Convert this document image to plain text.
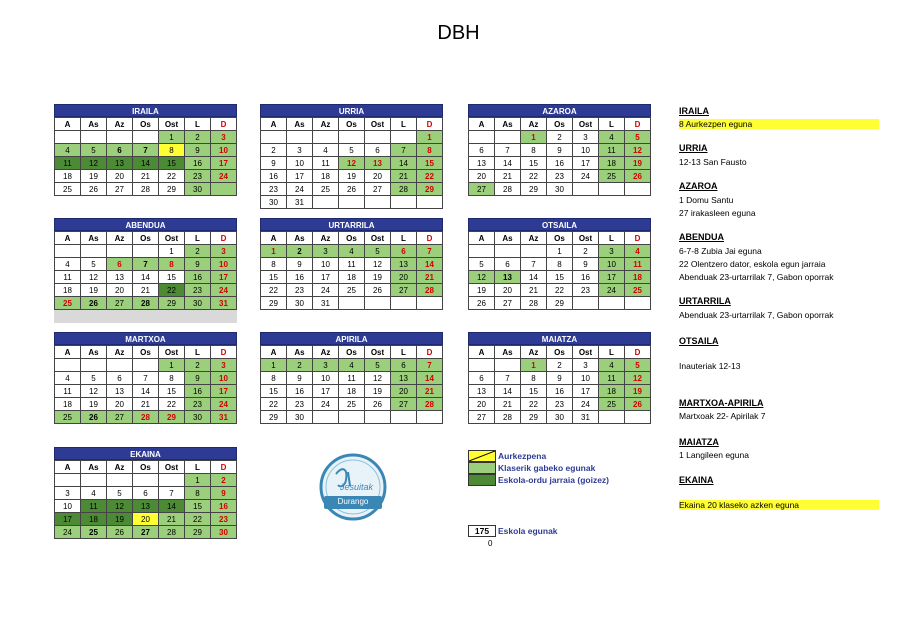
DBH
IRAILA
A	As	Az	Os	Ost	L	D
				1	2	3
4	5	6	7	8	9	10
11	12	13	14	15	16	17
18	19	20	21	22	23	24
25	26	27	28	29	30	
URRIA
A	As	Az	Os	Ost	L	D
						1
2	3	4	5	6	7	8
9	10	11	12	13	14	15
16	17	18	19	20	21	22
23	24	25	26	27	28	29
30	31					
AZAROA
A	As	Az	Os	Ost	L	D
		1	2	3	4	5
6	7	8	9	10	11	12
13	14	15	16	17	18	19
20	21	22	23	24	25	26
27	28	29	30			
ABENDUA
A	As	Az	Os	Ost	L	D
				1	2	3
4	5	6	7	8	9	10
11	12	13	14	15	16	17
18	19	20	21	22	23	24
25	26	27	28	29	30	31

URTARRILA
A	As	Az	Os	Ost	L	D
1	2	3	4	5	6	7
8	9	10	11	12	13	14
15	16	17	18	19	20	21
22	23	24	25	26	27	28
29	30	31				
OTSAILA
A	As	Az	Os	Ost	L	D
			1	2	3	4
5	6	7	8	9	10	11
12	13	14	15	16	17	18
19	20	21	22	23	24	25
26	27	28	29			
MARTXOA
A	As	Az	Os	Ost	L	D
				1	2	3
4	5	6	7	8	9	10
11	12	13	14	15	16	17
18	19	20	21	22	23	24
25	26	27	28	29	30	31
APIRILA
A	As	Az	Os	Ost	L	D
1	2	3	4	5	6	7
8	9	10	11	12	13	14
15	16	17	18	19	20	21
22	23	24	25	26	27	28
29	30					
MAIATZA
A	As	Az	Os	Ost	L	D
		1	2	3	4	5
6	7	8	9	10	11	12
13	14	15	16	17	18	19
20	21	22	23	24	25	26
27	28	29	30	31		
EKAINA
A	As	Az	Os	Ost	L	D
					1	2
3	4	5	6	7	8	9
10	11	12	13	14	15	16
17	18	19	20	21	22	23
24	25	26	27	28	29	30
Jesuitak
Durango
Aurkezpena
Klaserik gabeko egunak
Eskola-ordu jarraia (goizez)
175	Eskola egunak
0
IRAILA
8 Aurkezpen eguna
URRIA
12-13 San Fausto
AZAROA
1 Domu Santu
27 irakasleen eguna
ABENDUA
6-7-8 Zubia Jai eguna
22 Olentzero dator, eskola egun jarraia
Abenduak 23-urtarrilak 7, Gabon oporrak
URTARRILA
Abenduak 23-urtarrilak 7, Gabon oporrak
OTSAILA
Inauteriak 12-13
MARTXOA-APIRILA
Martxoak 22- Apirilak 7
MAIATZA
1 Langileen eguna
EKAINA
Ekaina 20 klaseko azken eguna
